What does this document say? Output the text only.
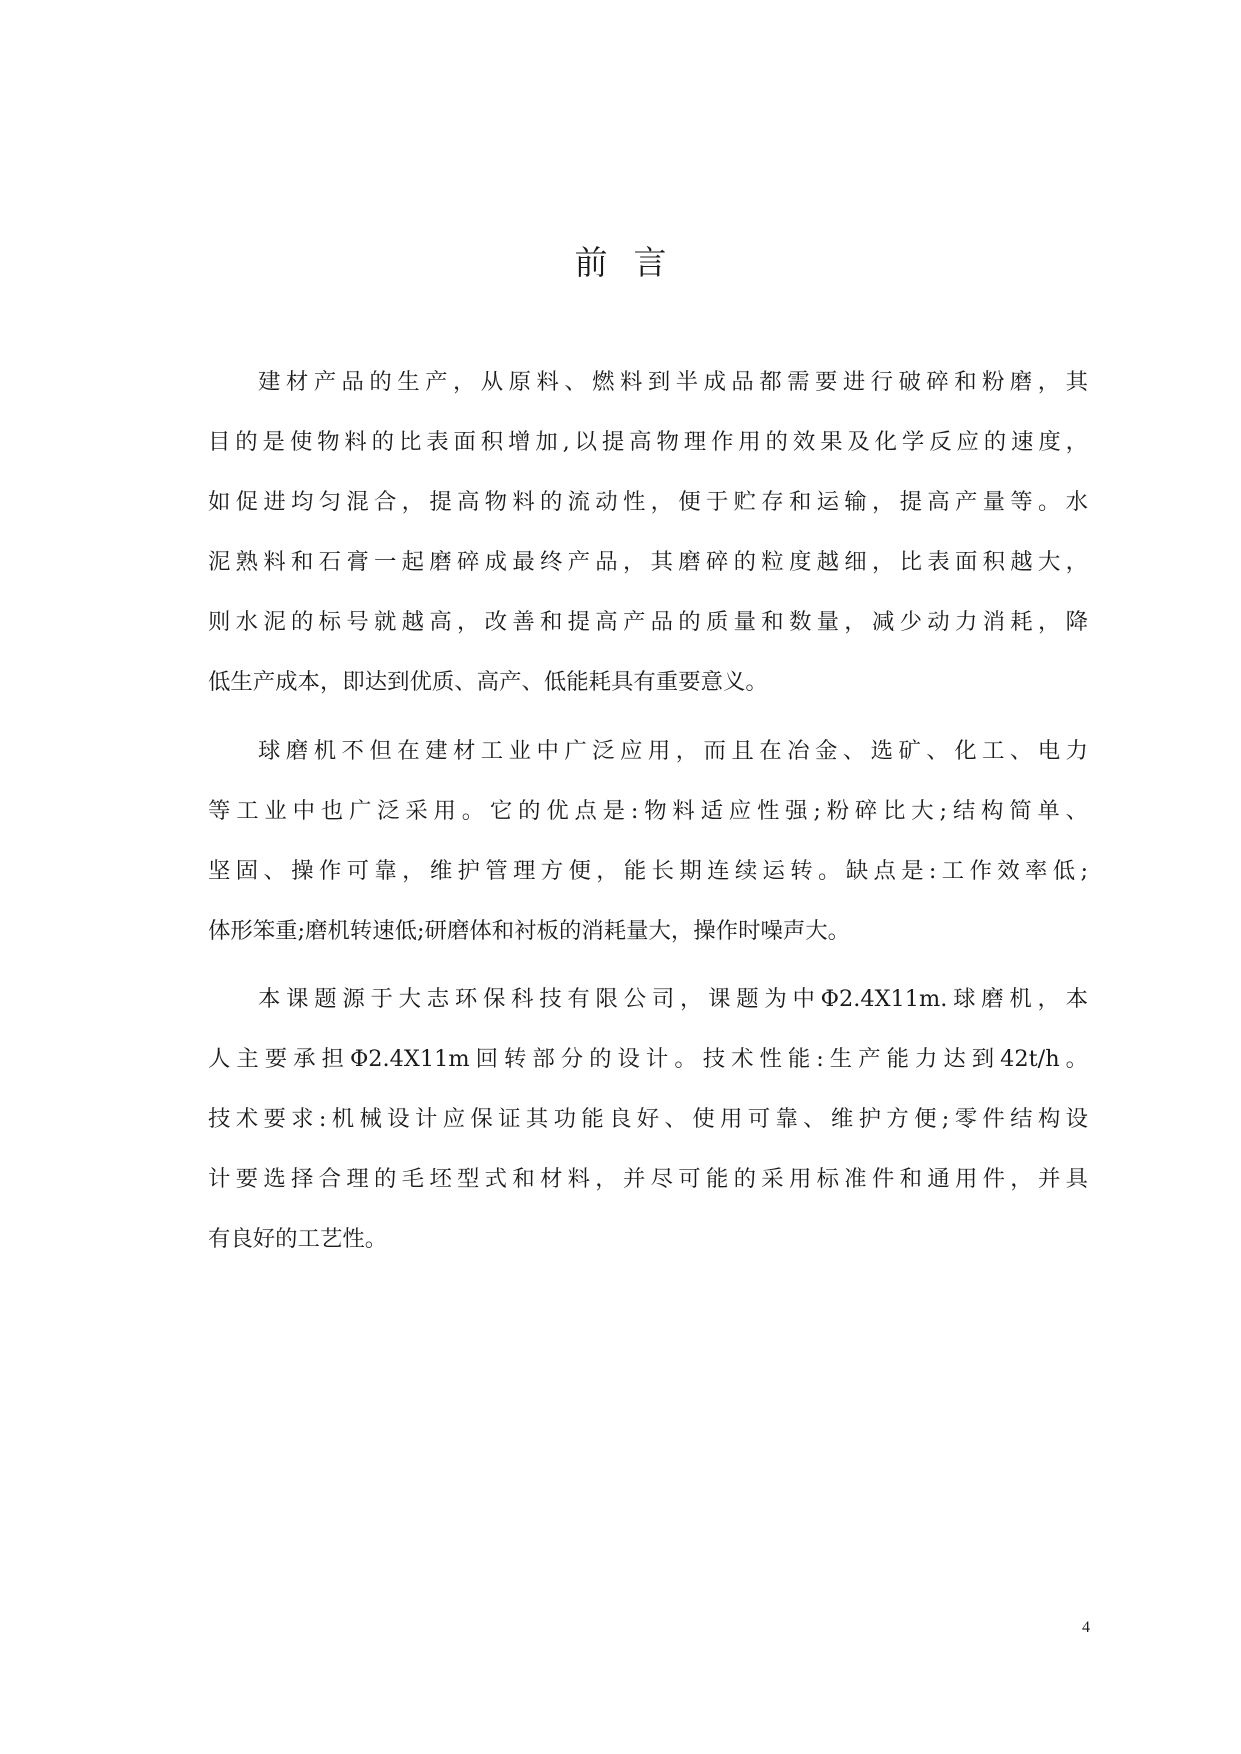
前言
建材产品的生产，从原料、燃料到半成品都需要进行破碎和粉磨，其
目的是使物料的比表面积增加,以提高物理作用的效果及化学反应的速度，
如促进均匀混合，提高物料的流动性，便于贮存和运输，提高产量等。水
泥熟料和石膏一起磨碎成最终产品，其磨碎的粒度越细，比表面积越大，
则水泥的标号就越高，改善和提高产品的质量和数量，减少动力消耗，降
低生产成本，即达到优质、高产、低能耗具有重要意义。
球磨机不但在建材工业中广泛应用，而且在冶金、选矿、化工、电力
等工业中也广泛采用。它的优点是:物料适应性强;粉碎比大;结构简单、
坚固、操作可靠，维护管理方便，能长期连续运转。缺点是:工作效率低;
体形笨重;磨机转速低;研磨体和衬板的消耗量大，操作时噪声大。
本课题源于大志环保科技有限公司，课题为中Φ2.4X11m.球磨机，本
人主要承担Φ2.4X11m回转部分的设计。技术性能:生产能力达到42t/h。
技术要求:机械设计应保证其功能良好、使用可靠、维护方便;零件结构设
计要选择合理的毛坯型式和材料，并尽可能的采用标准件和通用件，并具
有良好的工艺性。
4
